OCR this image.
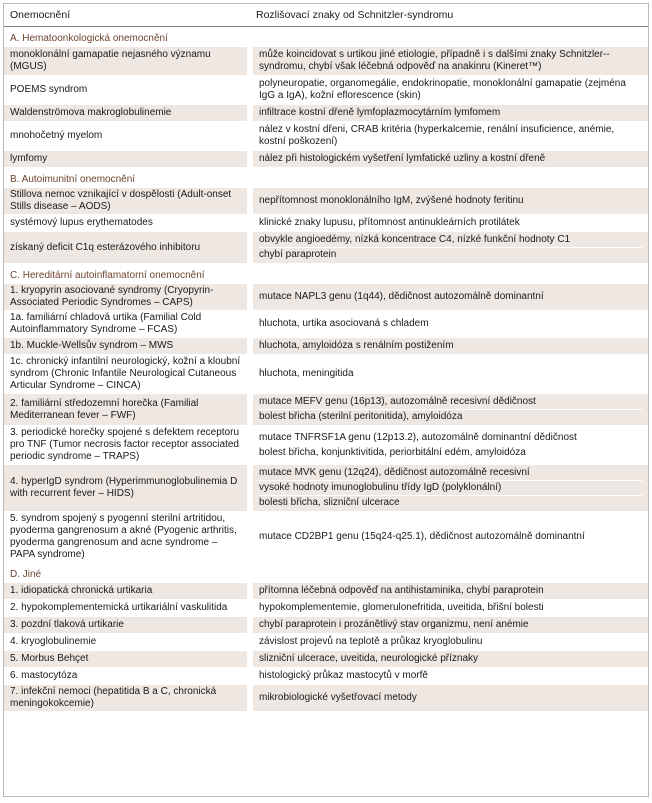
Onemocnění	Rozlišovací znaky od Schnitzler-syndromu
A. Hematoonkologická onemocnění	
monoklonální gamapatie nejasného významu (MGUS)	může koincidovat s urtikou jiné etiologie, případně i s dalšími znaky Schnitzler--syndromu, chybí však léčebná odpověď na anakinru (Kineret™)

POEMS syndrom	polyneuropatie, organomegálie, endokrinopatie, monoklonální gamapatie (zejména IgG a IgA), kožní eflorescence (skin)

Waldenströmova makroglobulinemie	infiltrace kostní dřeně lymfoplazmocytárním lymfomem

mnohočetný myelom	nález v kostní dřeni, CRAB kritéria (hyperkalcemie, renální insuficience, anémie, kostní poškození)

lymfomy	nález při histologickém vyšetření lymfatické uzliny a kostní dřeně

B. Autoimunitní onemocnění	
Stillova nemoc vznikající v dospělosti (Adult-onset Stills disease – AODS)	nepřítomnost monoklonálního IgM, zvýšené hodnoty feritinu

systémový lupus erythematodes	klinické znaky lupusu, přítomnost antinukleárních protilátek

získaný deficit C1q esterázového inhibitoru	obvykle angioedémy, nízká koncentrace C4, nízké funkční hodnoty C1
chybí paraprotein

C. Hereditární autoinflamatorní onemocnění	
1. kryopyrin asociované syndromy (Cryopyrin-Associated Periodic Syndromes – CAPS)	mutace NAPL3 genu (1q44), dědičnost autozomálně dominantní

1a. familiární chladová urtika (Familial Cold Autoinflammatory Syndrome – FCAS)	hluchota, urtika asociovaná s chladem

1b. Muckle-Wellsův syndrom – MWS	hluchota, amyloidóza s renálním postižením

1c. chronický infantilní neurologický, kožní a kloubní syndrom (Chronic Infantile Neurological Cutaneous Articular Syndrome – CINCA)	hluchota, meningitida

2. familiární středozemní horečka (Familial Mediterranean fever – FWF)	mutace MEFV genu (16p13), autozomálně recesivní dědičnost
bolest břicha (sterilní peritonitida), amyloidóza

3. periodické horečky spojené s defektem receptoru pro TNF (Tumor necrosis factor receptor associated periodic syndrome – TRAPS)	mutace TNFRSF1A genu (12p13.2), autozomálně dominantní dědičnost
bolest břicha, konjunktivitida, periorbitální edém, amyloidóza

4. hyperIgD syndrom (Hyperimmunoglobulinemia D with recurrent fever – HIDS)	mutace MVK genu (12q24), dědičnost autozomálně recesivní
vysoké hodnoty imunoglobulinu třídy IgD (polyklonální)
bolesti břicha, slizniční ulcerace

5. syndrom spojený s pyogenní sterilní artritidou, pyoderma gangrenosum a akné (Pyogenic arthritis, pyoderma gangrenosum and acne syndrome – PAPA syndrome)	mutace CD2BP1 genu (15q24-q25.1), dědičnost autozomálně dominantní

D. Jiné	
1. idiopatická chronická urtikaria	přítomna léčebná odpověď na antihistaminika, chybí paraprotein

2. hypokomplementemická urtikariální vaskulitida	hypokomplementemie, glomerulonefritida, uveitida, břišní bolesti

3. pozdní tlaková urtikarie	chybí paraprotein i prozánětlivý stav organizmu, není anémie

4. kryoglobulinemie	závislost projevů na teplotě a průkaz kryoglobulinu

5. Morbus Behçet	slizniční ulcerace, uveitida, neurologické příznaky

6. mastocytóza	histologický průkaz mastocytů v morfě

7. infekční nemoci (hepatitida B a C, chronická meningokokcemie)	mikrobiologické vyšetřovací metody
